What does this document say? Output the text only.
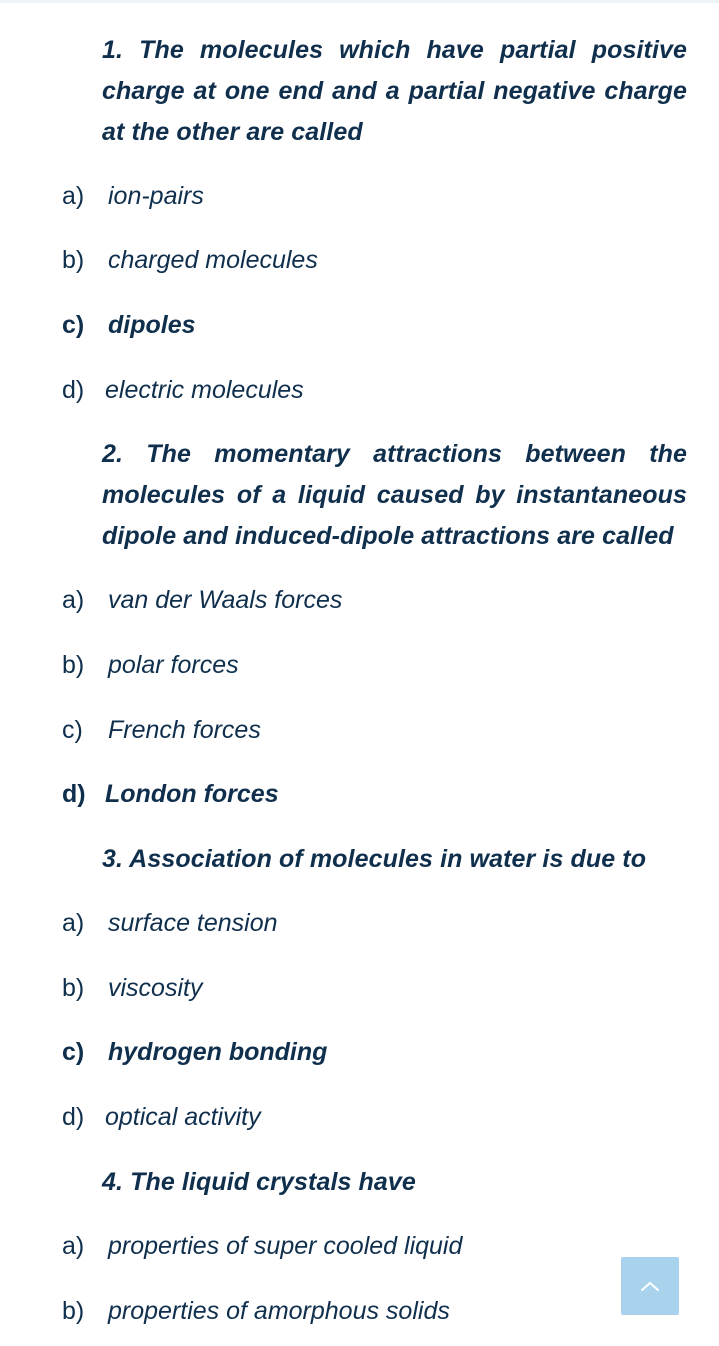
1. The molecules which have partial positive charge at one end and a partial negative charge at the other are called
a) ion-pairs
b) charged molecules
c) dipoles
d) electric molecules
2. The momentary attractions between the molecules of a liquid caused by instantaneous dipole and induced-dipole attractions are called
a) van der Waals forces
b) polar forces
c) French forces
d) London forces
3. Association of molecules in water is due to
a) surface tension
b) viscosity
c) hydrogen bonding
d) optical activity
4. The liquid crystals have
a) properties of super cooled liquid
b) properties of amorphous solids
